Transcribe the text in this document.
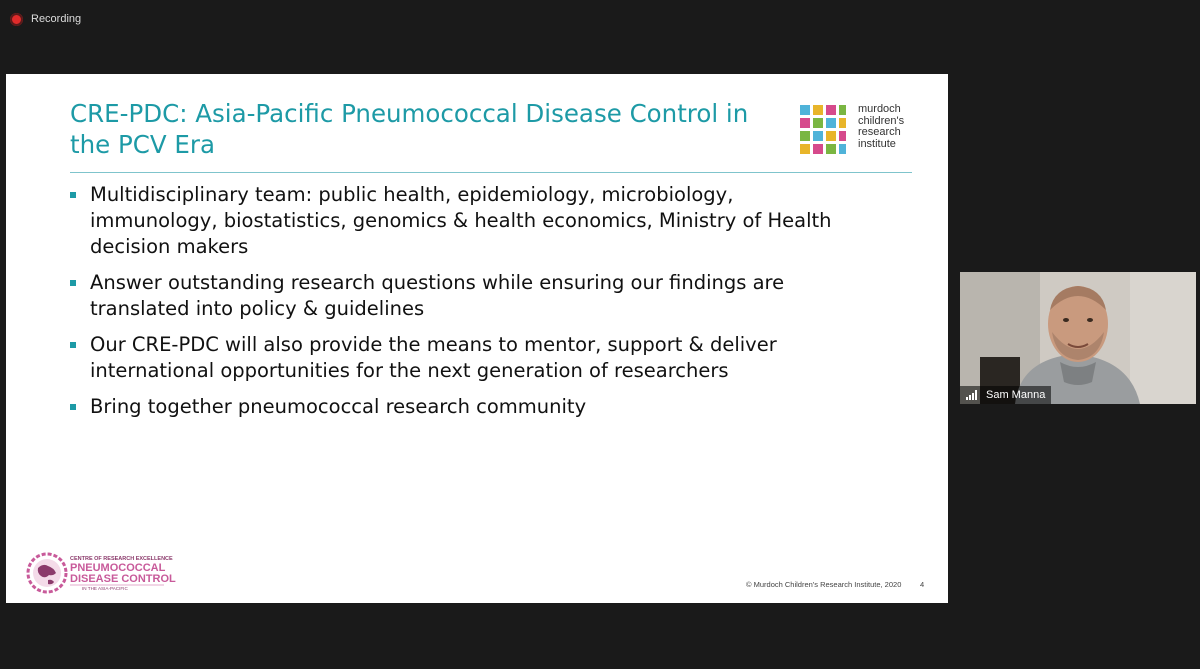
Recording
CRE-PDC: Asia-Pacific Pneumococcal Disease Control in
the PCV Era
murdoch
children's
research
institute
Multidisciplinary team: public health, epidemiology, microbiology,
immunology, biostatistics, genomics & health economics, Ministry of Health
decision makers
Answer outstanding research questions while ensuring our findings are
translated into policy & guidelines
Our CRE-PDC will also provide the means to mentor, support & deliver
international opportunities for the next generation of researchers
Bring together pneumococcal research community
CENTRE OF RESEARCH EXCELLENCE
PNEUMOCOCCAL
DISEASE CONTROL
IN THE ASIA-PACIFIC	© Murdoch Children's Research Institute, 2020 4
Sam Manna
